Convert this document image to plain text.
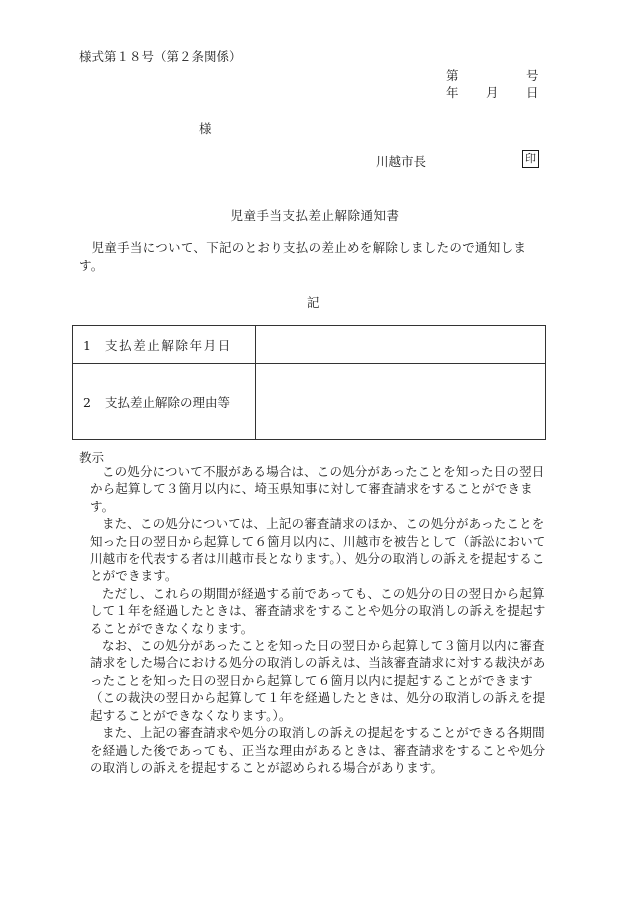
様式第１８号（第２条関係）
第	号
年 月 日
様
川越市長	印
児童手当支払差止解除通知書
児童手当について、下記のとおり支払の差止めを解除しましたので通知します。
記
1 支払差止解除年月日	
2 支払差止解除の理由等	
教示

この処分について不服がある場合は、この処分があったことを知った日の翌日から起算して３箇月以内に、埼玉県知事に対して審査請求をすることができます。

また、この処分については、上記の審査請求のほか、この処分があったことを知った日の翌日から起算して６箇月以内に、川越市を被告として（訴訟において川越市を代表する者は川越市長となります。）、処分の取消しの訴えを提起することができます。

ただし、これらの期間が経過する前であっても、この処分の日の翌日から起算して１年を経過したときは、審査請求をすることや処分の取消しの訴えを提起することができなくなります。

なお、この処分があったことを知った日の翌日から起算して３箇月以内に審査請求をした場合における処分の取消しの訴えは、当該審査請求に対する裁決があったことを知った日の翌日から起算して６箇月以内に提起することができます（この裁決の翌日から起算して１年を経過したときは、処分の取消しの訴えを提起することができなくなります。）。

また、上記の審査請求や処分の取消しの訴えの提起をすることができる各期間を経過した後であっても、正当な理由があるときは、審査請求をすることや処分の取消しの訴えを提起することが認められる場合があります。
